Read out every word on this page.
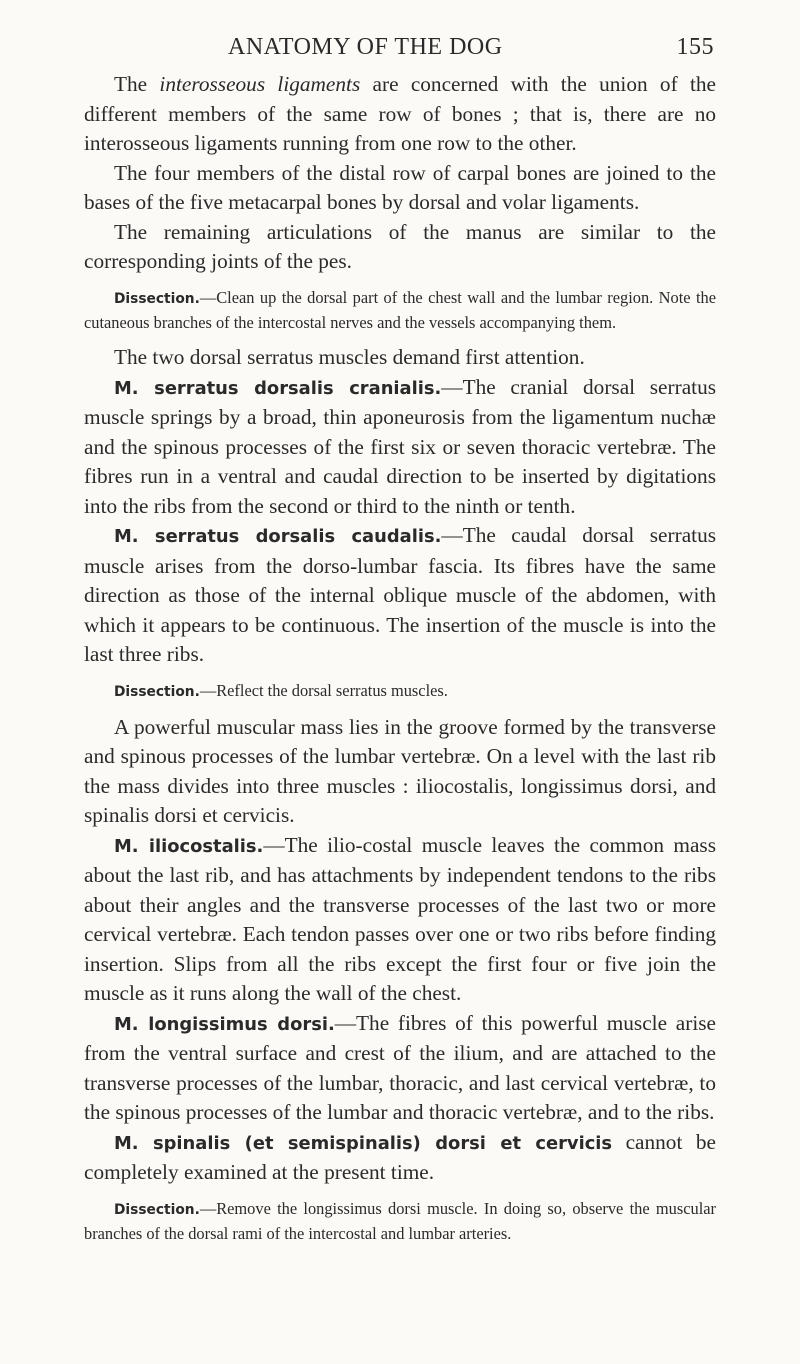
ANATOMY OF THE DOG	155

The interosseous ligaments are concerned with the union of the different members of the same row of bones ; that is, there are no interosseous ligaments running from one row to the other.

The four members of the distal row of carpal bones are joined to the bases of the five metacarpal bones by dorsal and volar ligaments.

The remaining articulations of the manus are similar to the corresponding joints of the pes.

Dissection.—Clean up the dorsal part of the chest wall and the lumbar region. Note the cutaneous branches of the intercostal nerves and the vessels accompanying them.

The two dorsal serratus muscles demand first attention.

M. serratus dorsalis cranialis.—The cranial dorsal serratus muscle springs by a broad, thin aponeurosis from the ligamentum nuchæ and the spinous processes of the first six or seven thoracic vertebræ. The fibres run in a ventral and caudal direction to be inserted by digitations into the ribs from the second or third to the ninth or tenth.

M. serratus dorsalis caudalis.—The caudal dorsal serratus muscle arises from the dorso-lumbar fascia. Its fibres have the same direction as those of the internal oblique muscle of the abdomen, with which it appears to be continuous. The insertion of the muscle is into the last three ribs.

Dissection.—Reflect the dorsal serratus muscles.

A powerful muscular mass lies in the groove formed by the transverse and spinous processes of the lumbar vertebræ. On a level with the last rib the mass divides into three muscles : iliocostalis, longissimus dorsi, and spinalis dorsi et cervicis.

M. iliocostalis.—The ilio-costal muscle leaves the common mass about the last rib, and has attachments by independent tendons to the ribs about their angles and the transverse processes of the last two or more cervical vertebræ. Each tendon passes over one or two ribs before finding insertion. Slips from all the ribs except the first four or five join the muscle as it runs along the wall of the chest.

M. longissimus dorsi.—The fibres of this powerful muscle arise from the ventral surface and crest of the ilium, and are attached to the transverse processes of the lumbar, thoracic, and last cervical vertebræ, to the spinous processes of the lumbar and thoracic vertebræ, and to the ribs.

M. spinalis (et semispinalis) dorsi et cervicis cannot be completely examined at the present time.

Dissection.—Remove the longissimus dorsi muscle. In doing so, observe the muscular branches of the dorsal rami of the intercostal and lumbar arteries.
